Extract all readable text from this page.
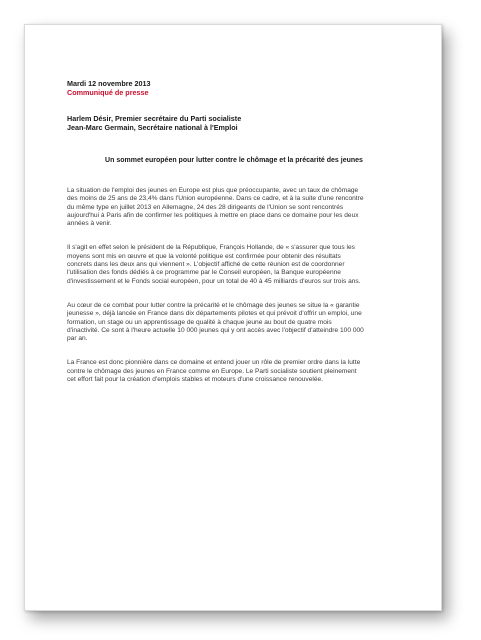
Mardi 12 novembre 2013
Communiqué de presse
Harlem Désir, Premier secrétaire du Parti socialiste
Jean-Marc Germain, Secrétaire national à l'Emploi
Un sommet européen pour lutter contre le chômage et la précarité des jeunes
La situation de l'emploi des jeunes en Europe est plus que préoccupante, avec un taux de chômage
des moins de 25 ans de 23,4% dans l'Union européenne. Dans ce cadre, et à la suite d'une rencontre
du même type en juillet 2013 en Allemagne, 24 des 28 dirigeants de l'Union se sont rencontrés
aujourd'hui à Paris afin de confirmer les politiques à mettre en place dans ce domaine pour les deux
années à venir.
Il s'agit en effet selon le président de la République, François Hollande, de « s'assurer que tous les
moyens sont mis en œuvre et que la volonté politique est confirmée pour obtenir des résultats
concrets dans les deux ans qui viennent ». L'objectif affiché de cette réunion est de coordonner
l'utilisation des fonds dédiés à ce programme par le Conseil européen, la Banque européenne
d'investissement et le Fonds social européen, pour un total de 40 à 45 milliards d'euros sur trois ans.
Au cœur de ce combat pour lutter contre la précarité et le chômage des jeunes se situe la « garantie
jeunesse », déjà lancée en France dans dix départements pilotes et qui prévoit d'offrir un emploi, une
formation, un stage ou un apprentissage de qualité à chaque jeune au bout de quatre mois
d'inactivité. Ce sont à l'heure actuelle 10 000 jeunes qui y ont accès avec l'objectif d'atteindre 100 000
par an.
La France est donc pionnière dans ce domaine et entend jouer un rôle de premier ordre dans la lutte
contre le chômage des jeunes en France comme en Europe. Le Parti socialiste soutient pleinement
cet effort fait pour la création d'emplois stables et moteurs d'une croissance renouvelée.
